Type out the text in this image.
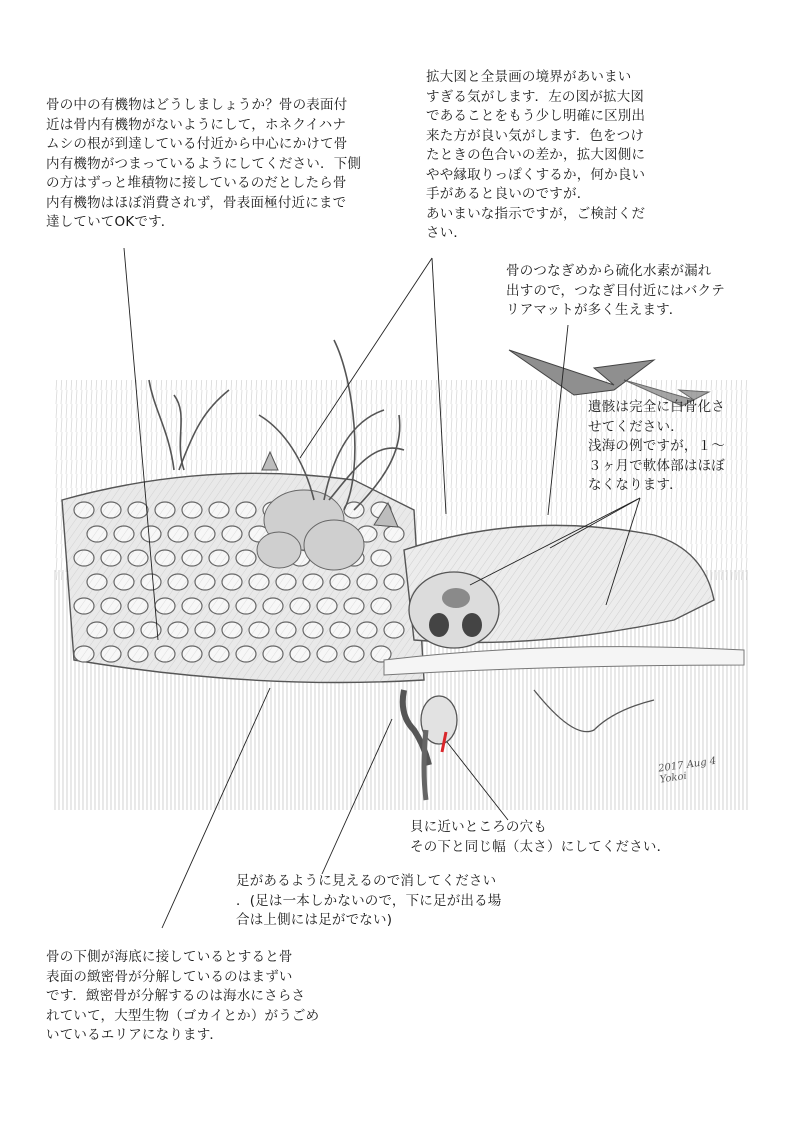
2017 Aug 4
Yokoi
骨の中の有機物はどうしましょうか？骨の表面付
近は骨内有機物がないようにして，ホネクイハナ
ムシの根が到達している付近から中心にかけて骨
内有機物がつまっているようにしてください．下側
の方はずっと堆積物に接しているのだとしたら骨
内有機物はほぼ消費されず，骨表面極付近にまで
達していてOKです．
拡大図と全景画の境界があいまい
すぎる気がします．左の図が拡大図
であることをもう少し明確に区別出
来た方が良い気がします．色をつけ
たときの色合いの差か，拡大図側に
やや縁取りっぽくするか，何か良い
手があると良いのですが．
あいまいな指示ですが，ご検討くだ
さい．
骨のつなぎめから硫化水素が漏れ
出すので，つなぎ目付近にはバクテ
リアマットが多く生えます．
遺骸は完全に白骨化さ
せてください．
浅海の例ですが，１～
３ヶ月で軟体部はほぼ
なくなります．
貝に近いところの穴も
その下と同じ幅（太さ）にしてください．
足があるように見えるので消してください
．(足は一本しかないので，下に足が出る場
合は上側には足がでない)
骨の下側が海底に接しているとすると骨
表面の緻密骨が分解しているのはまずい
です．緻密骨が分解するのは海水にさらさ
れていて，大型生物（ゴカイとか）がうごめ
いているエリアになります．
